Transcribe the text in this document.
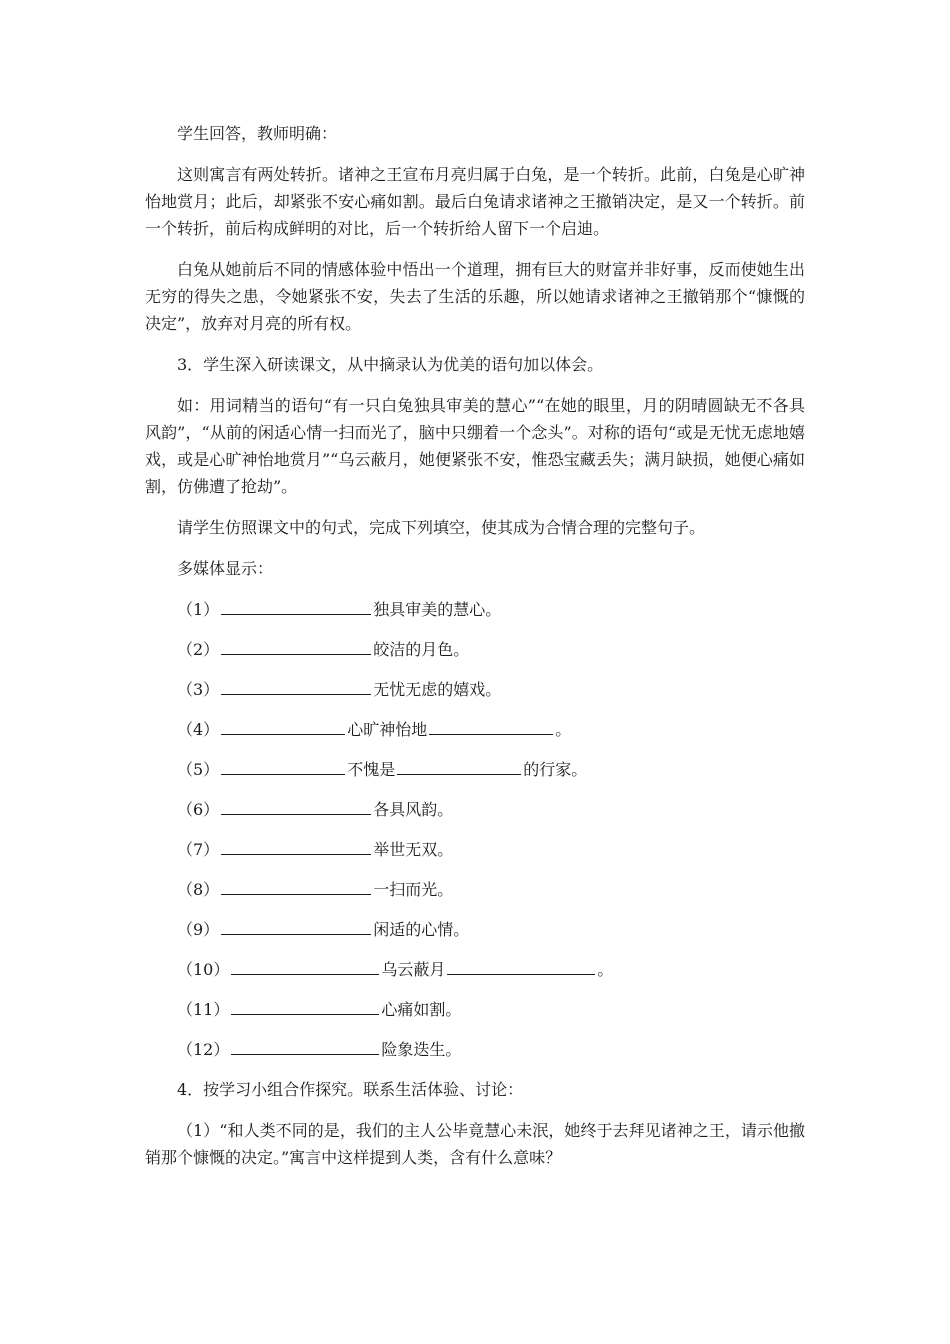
学生回答，教师明确：

这则寓言有两处转折。诸神之王宣布月亮归属于白兔，是一个转折。此前，白兔是心旷神怡地赏月；此后，却紧张不安心痛如割。最后白兔请求诸神之王撤销决定，是又一个转折。前一个转折，前后构成鲜明的对比，后一个转折给人留下一个启迪。

白兔从她前后不同的情感体验中悟出一个道理，拥有巨大的财富并非好事，反而使她生出无穷的得失之患，令她紧张不安，失去了生活的乐趣，所以她请求诸神之王撤销那个“慷慨的决定”，放弃对月亮的所有权。

3．学生深入研读课文，从中摘录认为优美的语句加以体会。

如：用词精当的语句“有一只白兔独具审美的慧心”“在她的眼里，月的阴晴圆缺无不各具风韵”，“从前的闲适心情一扫而光了，脑中只绷着一个念头”。对称的语句“或是无忧无虑地嬉戏，或是心旷神怡地赏月”“乌云蔽月，她便紧张不安，惟恐宝藏丢失；满月缺损，她便心痛如割，仿佛遭了抢劫”。

请学生仿照课文中的句式，完成下列填空，使其成为合情合理的完整句子。

多媒体显示：

（1）	独具审美的慧心。
（2）	皎洁的月色。
（3）	无忧无虑的嬉戏。
（4）	心旷神怡地	。
（5）	不愧是	的行家。
（6）	各具风韵。
（7）	举世无双。
（8）	一扫而光。
（9）	闲适的心情。
（10）	乌云蔽月	。
（11）	心痛如割。
（12）	险象迭生。

4．按学习小组合作探究。联系生活体验、讨论：

（1）“和人类不同的是，我们的主人公毕竟慧心未泯，她终于去拜见诸神之王，请示他撤销那个慷慨的决定。”寓言中这样提到人类，含有什么意味？
